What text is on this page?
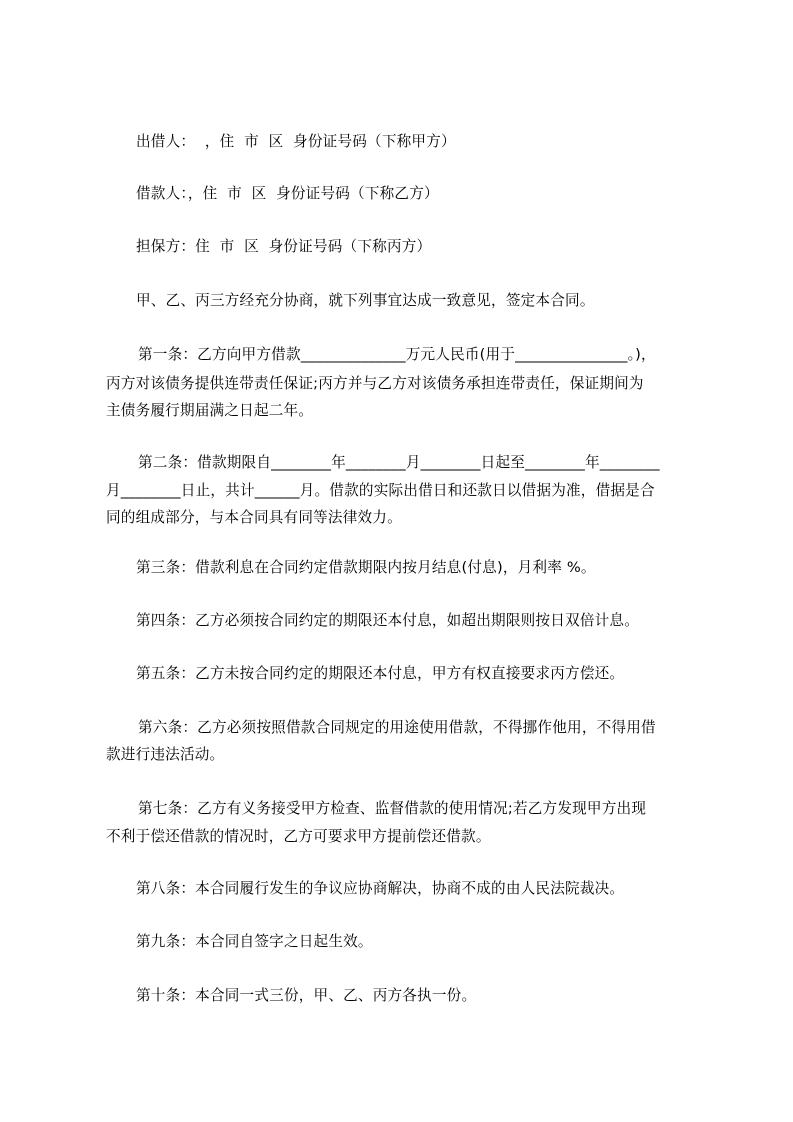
出借人：  ，住  市  区  身份证号码（下称甲方）

借款人：，住  市  区  身份证号码（下称乙方）

担保方：住  市  区  身份证号码（下称丙方）

甲、乙、丙三方经充分协商，就下列事宜达成一致意见，签定本合同。

第一条：乙方向甲方借款______________万元人民币(用于_______________。)，

丙方对该债务提供连带责任保证;丙方并与乙方对该债务承担连带责任，保证期间为

主债务履行期届满之日起二年。

第二条：借款期限自________年________月________日起至________年________

月________日止，共计______月。借款的实际出借日和还款日以借据为准，借据是合

同的组成部分，与本合同具有同等法律效力。

第三条：借款利息在合同约定借款期限内按月结息(付息)，月利率 %。

第四条：乙方必须按合同约定的期限还本付息，如超出期限则按日双倍计息。

第五条：乙方未按合同约定的期限还本付息，甲方有权直接要求丙方偿还。

第六条：乙方必须按照借款合同规定的用途使用借款，不得挪作他用，不得用借

款进行违法活动。

第七条：乙方有义务接受甲方检查、监督借款的使用情况;若乙方发现甲方出现

不利于偿还借款的情况时，乙方可要求甲方提前偿还借款。

第八条：本合同履行发生的争议应协商解决，协商不成的由人民法院裁决。

第九条：本合同自签字之日起生效。

第十条：本合同一式三份，甲、乙、丙方各执一份。
